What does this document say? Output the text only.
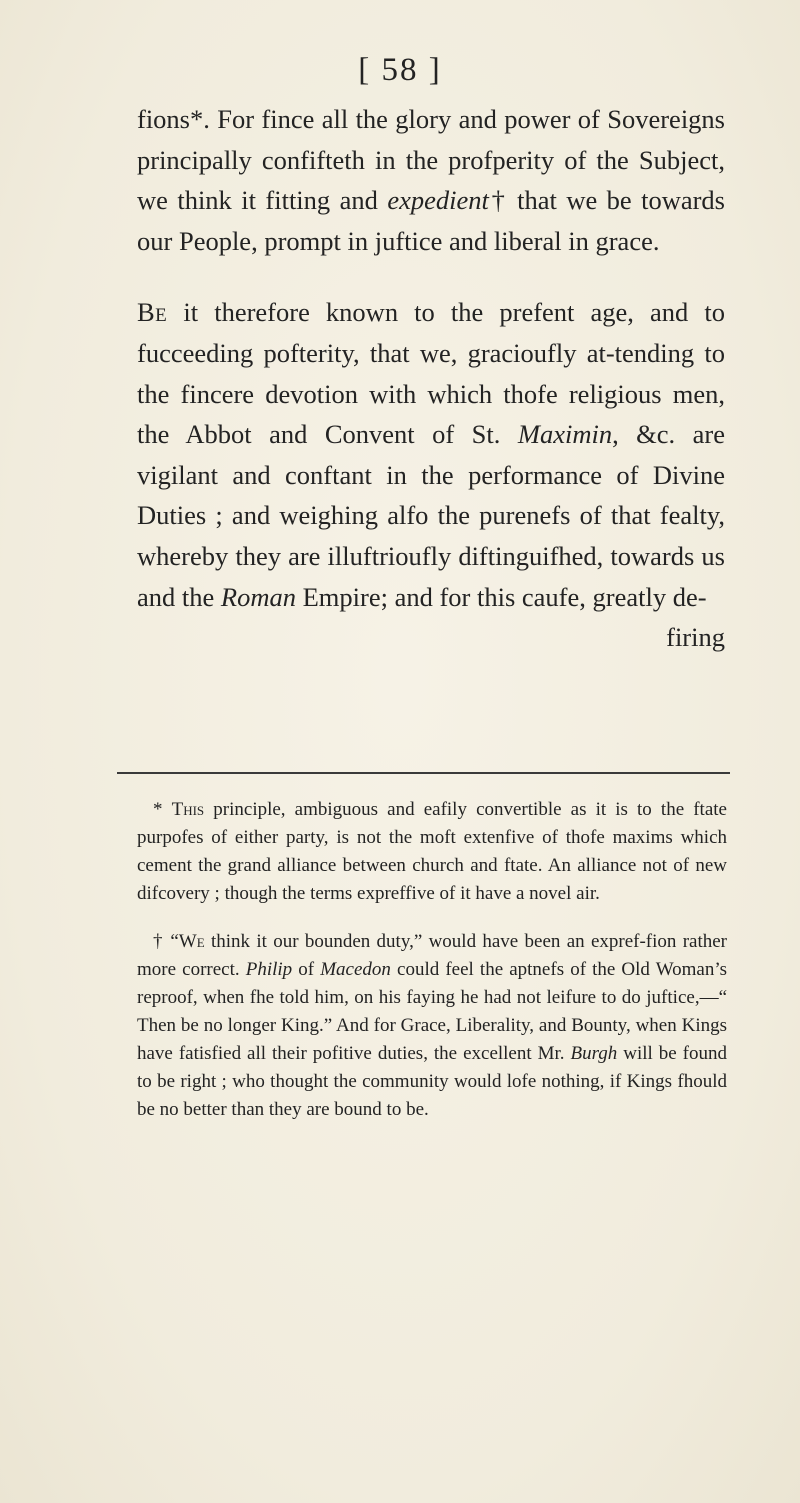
[ 58 ]

fions*. For fince all the glory and power of Sovereigns principally confifteth in the profperity of the Subject, we think it fitting and expedient† that we be towards our People, prompt in juftice and liberal in grace.

Be it therefore known to the prefent age, and to fucceeding pofterity, that we, gracioufly at-tending to the fincere devotion with which thofe religious men, the Abbot and Convent of St. Maximin, &c. are vigilant and conftant in the performance of Divine Duties ; and weighing alfo the purenefs of that fealty, whereby they are illuftrioufly diftinguifhed, towards us and the Roman Empire; and for this caufe, greatly de-

firing

* This principle, ambiguous and eafily convertible as it is to the ftate purpofes of either party, is not the moft extenfive of thofe maxims which cement the grand alliance between church and ftate. An alliance not of new difcovery ; though the terms expreffive of it have a novel air.

† “We think it our bounden duty,” would have been an expref-fion rather more correct. Philip of Macedon could feel the aptnefs of the Old Woman’s reproof, when fhe told him, on his faying he had not leifure to do juftice,—“ Then be no longer King.” And for Grace, Liberality, and Bounty, when Kings have fatisfied all their pofitive duties, the excellent Mr. Burgh will be found to be right ; who thought the community would lofe nothing, if Kings fhould be no better than they are bound to be.
